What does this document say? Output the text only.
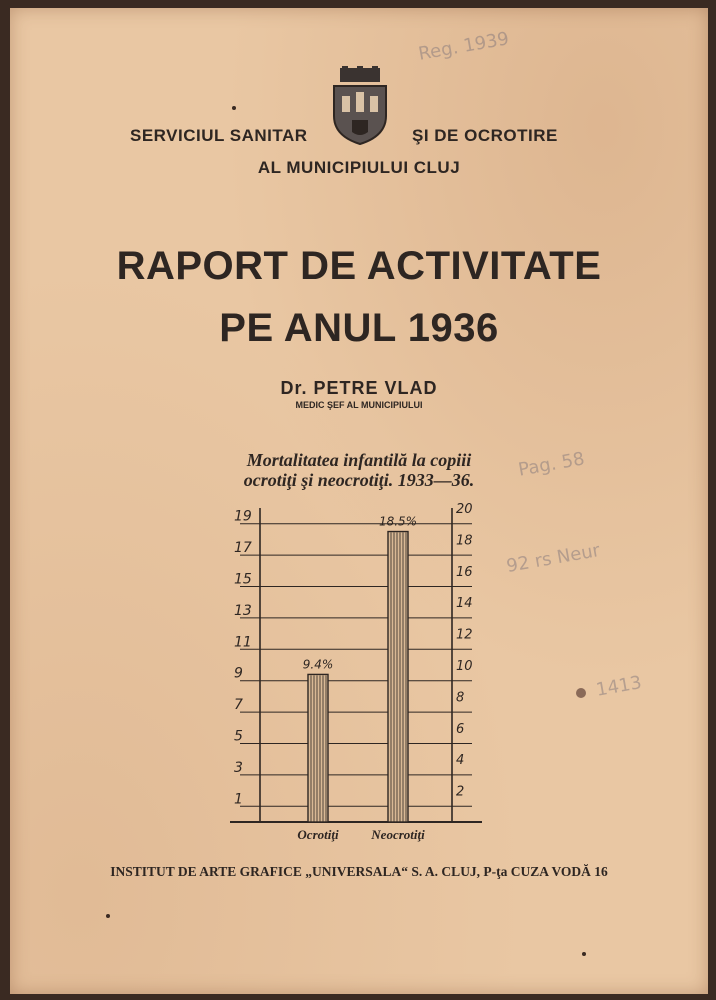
SERVICIUL SANITAR	ŞI DE OCROTIRE
AL MUNICIPIULUI CLUJ
RAPORT DE ACTIVITATE
PE ANUL 1936
Dr. PETRE VLAD
MEDIC ŞEF AL MUNICIPIULUI
Mortalitatea infantilă la copiii
ocrotiţi şi neocrotiţi. 1933—36.
1
3
5
7
9
11
13
15
17
19
2
4
6
8
10
12
14
16
18
20
9.4%
Ocrotiţi
18.5%
Neocrotiţi
INSTITUT DE ARTE GRAFICE „UNIVERSALA“ S. A. CLUJ, P-ţa CUZA VODĂ 16
Reg. 1939
Pag. 58
92 rs Neur
1413
